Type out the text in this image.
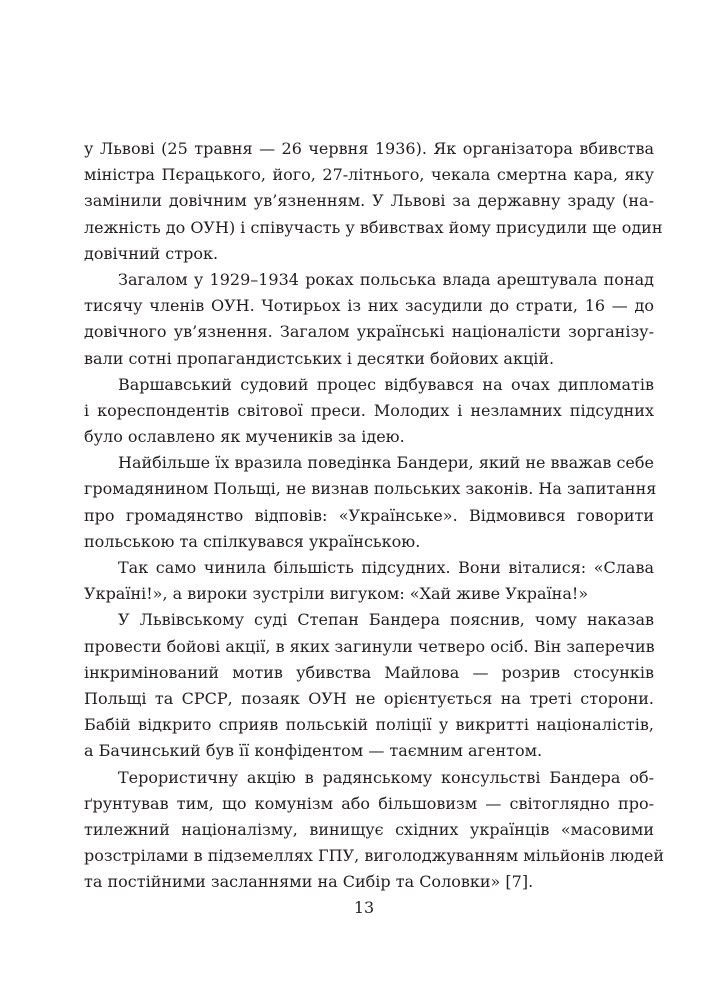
у Львові (25 травня — 26 червня 1936). Як організатора вбивства
міністра Пєрацького, його, 27-літнього, чекала смертна кара, яку
замінили довічним ув’язненням. У Львові за державну зраду (на-
лежність до ОУН) і співучасть у вбивствах йому присудили ще один
довічний строк.
Загалом у 1929–1934 роках польська влада арештувала понад
тисячу членів ОУН. Чотирьох із них засудили до страти, 16 — до
довічного ув’язнення. Загалом українські націоналісти зорганізу-
вали сотні пропагандистських і десятки бойових акцій.
Варшавський судовий процес відбувався на очах дипломатів
і кореспондентів світової преси. Молодих і незламних підсудних
було ославлено як мучеників за ідею.
Найбільше їх вразила поведінка Бандери, який не вважав себе
громадянином Польщі, не визнав польських законів. На запитання
про громадянство відповів: «Українське». Відмовився говорити
польською та спілкувався українською.
Так само чинила більшість підсудних. Вони віталися: «Слава
Україні!», а вироки зустріли вигуком: «Хай живе Україна!»
У Львівському суді Степан Бандера пояснив, чому наказав
провести бойові акції, в яких загинули четверо осіб. Він заперечив
інкримінований мотив убивства Майлова — розрив стосунків
Польщі та СРСР, позаяк ОУН не орієнтується на треті сторони.
Бабій відкрито сприяв польській поліції у викритті націоналістів,
а Бачинський був її конфідентом — таємним агентом.
Терористичну акцію в радянському консульстві Бандера об-
ґрунтував тим, що комунізм або більшовизм — світоглядно про-
тилежний націоналізму, винищує східних українців «масовими
розстрілами в підземеллях ГПУ, виголоджуванням мільйонів людей
та постійними засланнями на Сибір та Соловки» [7].
13
